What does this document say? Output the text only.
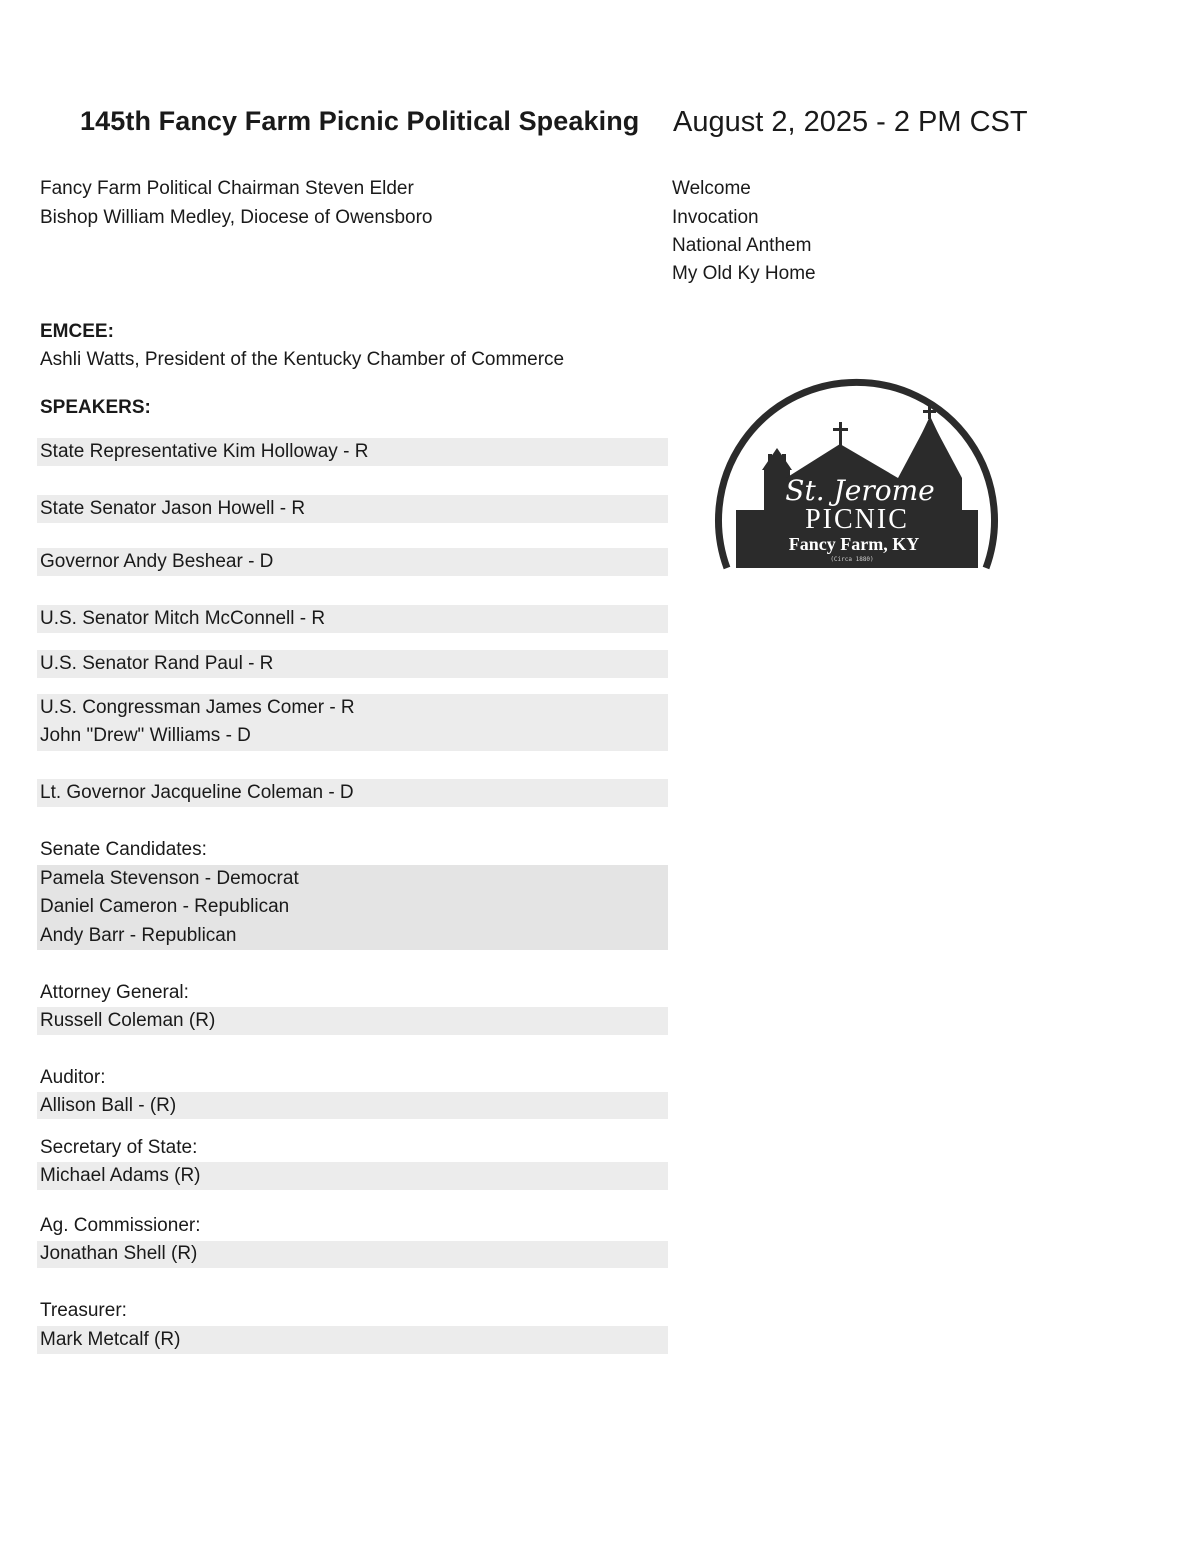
145th Fancy Farm Picnic Political Speaking August 2, 2025 - 2 PM CST
Fancy Farm Political Chairman Steven Elder
Bishop William Medley, Diocese of Owensboro
Welcome
Invocation
National Anthem
My Old Ky Home
EMCEE:
Ashli Watts, President of the Kentucky Chamber of Commerce
SPEAKERS:
State Representative Kim Holloway - R
State Senator Jason Howell - R
Governor Andy Beshear - D
U.S. Senator Mitch McConnell - R
U.S. Senator Rand Paul - R
U.S. Congressman James Comer - R
John "Drew" Williams - D
Lt. Governor Jacqueline Coleman - D
Senate Candidates:
Pamela Stevenson - Democrat
Daniel Cameron - Republican
Andy Barr - Republican
Attorney General:
Russell Coleman (R)
Auditor:
Allison Ball - (R)
Secretary of State:
Michael Adams (R)
Ag. Commissioner:
Jonathan Shell (R)
Treasurer:
Mark Metcalf (R)
St. Jerome
PICNIC
Fancy Farm, KY
(Circa 1880)
